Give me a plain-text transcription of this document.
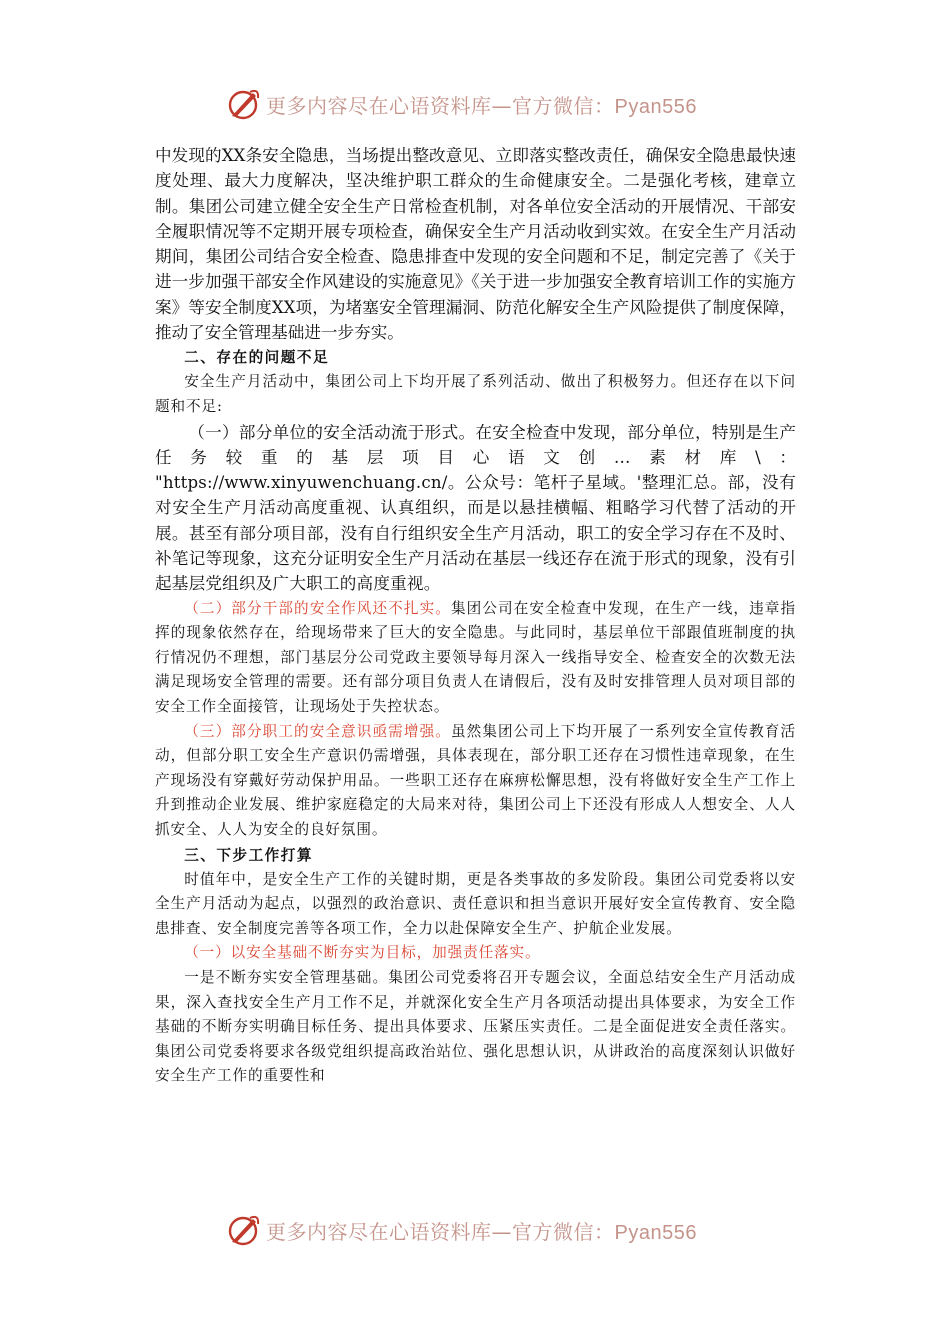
更多内容尽在心语资料库—官方微信：Pyan556

中发现的XX条安全隐患，当场提出整改意见、立即落实整改责任，确保安全隐患最快速度处理、最大力度解决，坚决维护职工群众的生命健康安全。二是强化考核，建章立制。集团公司建立健全安全生产日常检查机制，对各单位安全活动的开展情况、干部安全履职情况等不定期开展专项检查，确保安全生产月活动收到实效。在安全生产月活动期间，集团公司结合安全检查、隐患排查中发现的安全问题和不足，制定完善了《关于进一步加强干部安全作风建设的实施意见》《关于进一步加强安全教育培训工作的实施方案》等安全制度XX项，为堵塞安全管理漏洞、防范化解安全生产风险提供了制度保障，推动了安全管理基础进一步夯实。

二、存在的问题不足

安全生产月活动中，集团公司上下均开展了系列活动、做出了积极努力。但还存在以下问题和不足:

（一）部分单位的安全活动流于形式。在安全检查中发现，部分单位，特别是生产任务较重的基层项目心语文创…素材库\：

"https://www.xinyuwenchuang.cn/。公众号：笔杆子星域。'整理汇总。部，没有对安全生产月活动高度重视、认真组织，而是以悬挂横幅、粗略学习代替了活动的开展。甚至有部分项目部，没有自行组织安全生产月活动，职工的安全学习存在不及时、补笔记等现象，这充分证明安全生产月活动在基层一线还存在流于形式的现象，没有引起基层党组织及广大职工的高度重视。

（二）部分干部的安全作风还不扎实。集团公司在安全检查中发现，在生产一线，违章指挥的现象依然存在，给现场带来了巨大的安全隐患。与此同时，基层单位干部跟值班制度的执行情况仍不理想，部门基层分公司党政主要领导每月深入一线指导安全、检查安全的次数无法满足现场安全管理的需要。还有部分项目负责人在请假后，没有及时安排管理人员对项目部的安全工作全面接管，让现场处于失控状态。

（三）部分职工的安全意识亟需增强。虽然集团公司上下均开展了一系列安全宣传教育活动，但部分职工安全生产意识仍需增强，具体表现在，部分职工还存在习惯性违章现象，在生产现场没有穿戴好劳动保护用品。一些职工还存在麻痹松懈思想，没有将做好安全生产工作上升到推动企业发展、维护家庭稳定的大局来对待，集团公司上下还没有形成人人想安全、人人抓安全、人人为安全的良好氛围。

三、下步工作打算

时值年中，是安全生产工作的关键时期，更是各类事故的多发阶段。集团公司党委将以安全生产月活动为起点，以强烈的政治意识、责任意识和担当意识开展好安全宣传教育、安全隐患排查、安全制度完善等各项工作，全力以赴保障安全生产、护航企业发展。

（一）以安全基础不断夯实为目标，加强责任落实。

一是不断夯实安全管理基础。集团公司党委将召开专题会议，全面总结安全生产月活动成果，深入查找安全生产月工作不足，并就深化安全生产月各项活动提出具体要求，为安全工作基础的不断夯实明确目标任务、提出具体要求、压紧压实责任。二是全面促进安全责任落实。集团公司党委将要求各级党组织提高政治站位、强化思想认识，从讲政治的高度深刻认识做好安全生产工作的重要性和

更多内容尽在心语资料库—官方微信：Pyan556
